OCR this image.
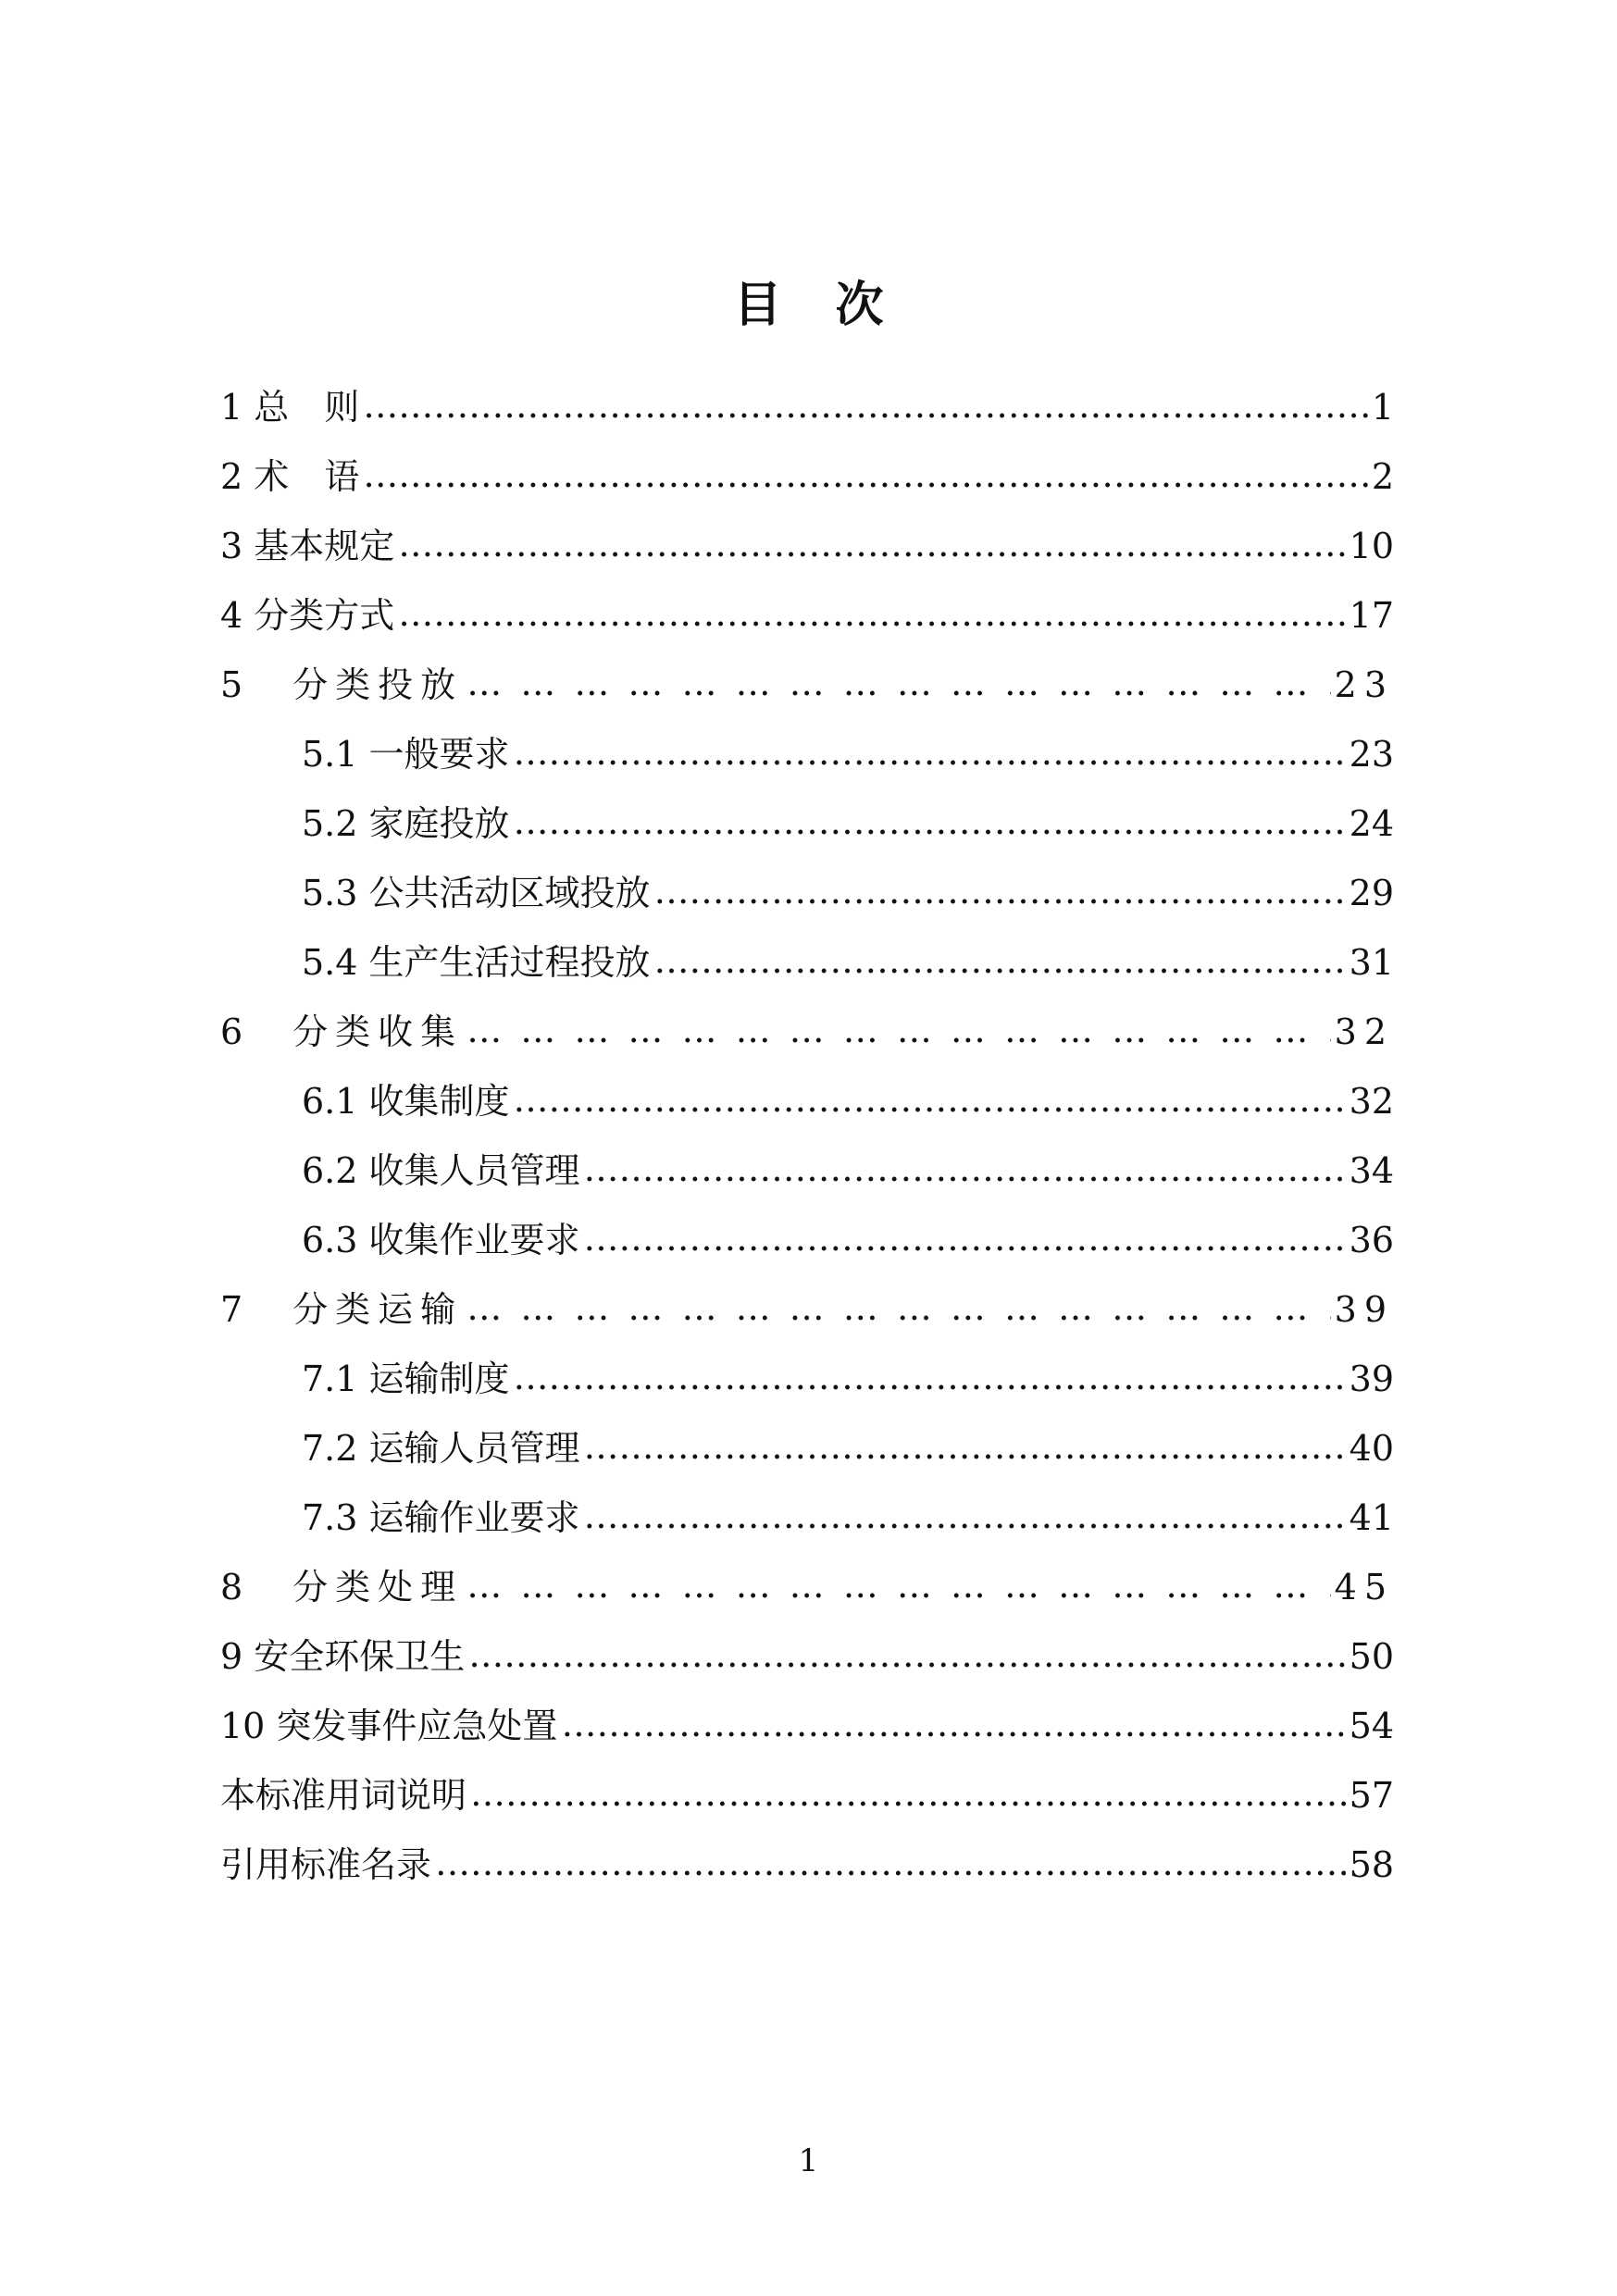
目次
1 总　则 …………………………………………………………………………………………………………………………………………………………………………………	1
2 术　语 …………………………………………………………………………………………………………………………………………………………………………………	2
3 基本规定 …………………………………………………………………………………………………………………………………………………………………………………	10
4 分类方式 …………………………………………………………………………………………………………………………………………………………………………………	17
5　分类投放 … … … … … … … … … … … … … … … … … … … … … … … … … … … … … … … … … … … … … … … … … …	23
5.1 一般要求 …………………………………………………………………………………………………………………………………………………………………………………	23
5.2 家庭投放 …………………………………………………………………………………………………………………………………………………………………………………	24
5.3 公共活动区域投放 …………………………………………………………………………………………………………………………………………………………………………………	29
5.4 生产生活过程投放 …………………………………………………………………………………………………………………………………………………………………………………	31
6　分类收集 … … … … … … … … … … … … … … … … … … … … … … … … … … … … … … … … … … … … … … … … … …	32
6.1 收集制度 …………………………………………………………………………………………………………………………………………………………………………………	32
6.2 收集人员管理 …………………………………………………………………………………………………………………………………………………………………………………	34
6.3 收集作业要求 …………………………………………………………………………………………………………………………………………………………………………………	36
7　分类运输 … … … … … … … … … … … … … … … … … … … … … … … … … … … … … … … … … … … … … … … … … …	39
7.1 运输制度 …………………………………………………………………………………………………………………………………………………………………………………	39
7.2 运输人员管理 …………………………………………………………………………………………………………………………………………………………………………………	40
7.3 运输作业要求 …………………………………………………………………………………………………………………………………………………………………………………	41
8　分类处理 … … … … … … … … … … … … … … … … … … … … … … … … … … … … … … … … … … … … … … … … … …	45
9 安全环保卫生 …………………………………………………………………………………………………………………………………………………………………………………	50
10 突发事件应急处置 …………………………………………………………………………………………………………………………………………………………………………………	54
本标准用词说明 …………………………………………………………………………………………………………………………………………………………………………………	57
引用标准名录 …………………………………………………………………………………………………………………………………………………………………………………	58
1
